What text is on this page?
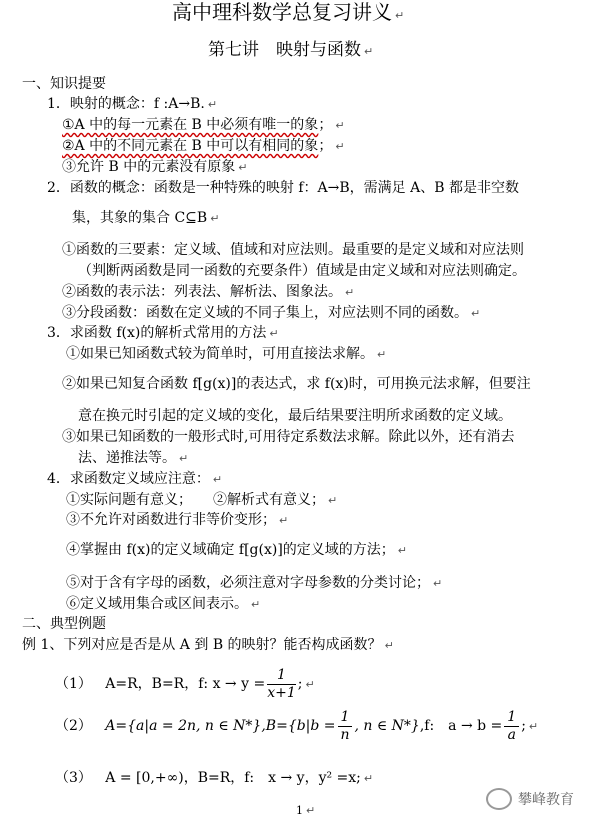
高中理科数学总复习讲义 ↵
第七讲　映射与函数 ↵
一、知识提要
1．映射的概念：f :A→B. ↵
①A 中的每一元素在 B 中必须有唯一的象； ↵
②A 中的不同元素在 B 中可以有相同的象； ↵
③允许 B 中的元素没有原象 ↵
2．函数的概念：函数是一种特殊的映射 f：A→B，需满足 A、B 都是非空数
集，其象的集合 C⊆B ↵
①函数的三要素：定义域、值域和对应法则。最重要的是定义域和对应法则
（判断两函数是同一函数的充要条件）值域是由定义域和对应法则确定。
②函数的表示法：列表法、解析法、图象法。 ↵
③分段函数：函数在定义域的不同子集上，对应法则不同的函数。 ↵
3．求函数 f(x)的解析式常用的方法 ↵
①如果已知函数式较为简单时，可用直接法求解。 ↵
②如果已知复合函数 f[g(x)]的表达式，求 f(x)时，可用换元法求解，但要注
意在换元时引起的定义域的变化，最后结果要注明所求函数的定义域。
③如果已知函数的一般形式时,可用待定系数法求解。除此以外，还有消去
法、递推法等。 ↵
4．求函数定义域应注意： ↵
①实际问题有意义；　　②解析式有意义； ↵
③不允许对函数进行非等价变形； ↵
④掌握由 f(x)的定义域确定 f[g(x)]的定义域的方法； ↵
⑤对于含有字母的函数，必须注意对字母参数的分类讨论； ↵
⑥定义域用集合或区间表示。 ↵
二、典型例题
例 1、下列对应是否是从 A 到 B 的映射？能否构成函数？ ↵
（1） A=R，B=R，f: $x \to y = \frac{1}{x+1}$ ; ↵
（2） A={a|a = 2n, n ∈ $N*\},B=\{b|b = \frac{1}{n}$ , n ∈ N*},f:　$a \to b = \frac{1}{a}$ ; ↵
（3） A = [0,+∞)，B=R，f:　x → y，y² =x; ↵
攀峰教育
1 ↵
